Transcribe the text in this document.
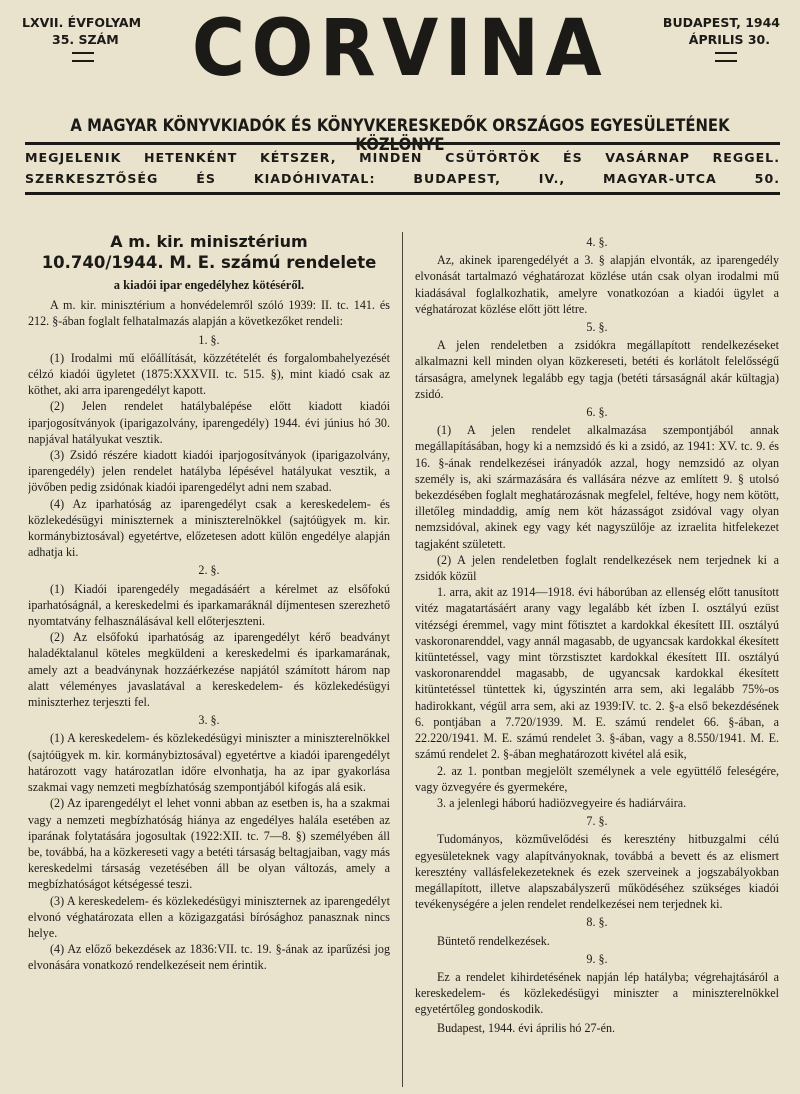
LXVII. ÉVFOLYAM
35. SZÁM CORVINA	BUDAPEST, 1944
ÁPRILIS 30.
A MAGYAR KÖNYVKIADÓK ÉS KÖNYVKERESKEDŐK ORSZÁGOS EGYESÜLETÉNEK KÖZLÖNYE
MEGJELENIK HETENKÉNT KÉTSZER, MINDEN CSÜTÖRTÖK ÉS VASÁRNAP REGGEL.
SZERKESZTŐSÉG ÉS KIADÓHIVATAL: BUDAPEST, IV., MAGYAR-UTCA 50.
A m. kir. minisztérium
10.740/1944. M. E. számú rendelete
a kiadói ipar engedélyhez kötéséről.

A m. kir. minisztérium a honvédelemről szóló 1939: II. tc. 141. és 212. §-ában foglalt felhatalmazás alapján a következőket rendeli:

1. §.

(1) Irodalmi mű előállítását, közzétételét és forgalombahelyezését célzó kiadói ügyletet (1875:XXXVII. tc. 515. §), mint kiadó csak az köthet, aki arra iparengedélyt kapott.

(2) Jelen rendelet hatálybalépése előtt kiadott kiadói iparjogosítványok (iparigazolvány, iparengedély) 1944. évi június hó 30. napjával hatályukat vesztik.

(3) Zsidó részére kiadott kiadói iparjogosítványok (iparigazolvány, iparengedély) jelen rendelet hatályba lépésével hatályukat vesztik, a jövőben pedig zsidónak kiadói iparengedélyt adni nem szabad.

(4) Az iparhatóság az iparengedélyt csak a kereskedelem- és közlekedésügyi miniszternek a miniszterelnökkel (sajtóügyek m. kir. kormánybiztosával) egyetértve, előzetesen adott külön engedélye alapján adhatja ki.

2. §.

(1) Kiadói iparengedély megadásáért a kérelmet az elsőfokú iparhatóságnál, a kereskedelmi és iparkamaráknál díjmentesen szerezhető nyomtatvány felhasználásával kell előterjeszteni.

(2) Az elsőfokú iparhatóság az iparengedélyt kérő beadványt haladéktalanul köteles megküldeni a kereskedelmi és iparkamarának, amely azt a beadványnak hozzáérkezése napjától számított három nap alatt véleményes javaslatával a kereskedelem- és közlekedésügyi miniszterhez terjeszti fel.

3. §.

(1) A kereskedelem- és közlekedésügyi miniszter a miniszterelnökkel (sajtóügyek m. kir. kormánybiztosával) egyetértve a kiadói iparengedélyt határozott vagy határozatlan időre elvonhatja, ha az ipar gyakorlása szakmai vagy nemzeti megbízhatóság szempontjából kifogás alá esik.

(2) Az iparengedélyt el lehet vonni abban az esetben is, ha a szakmai vagy a nemzeti megbízhatóság hiánya az engedélyes halála esetében az iparának folytatására jogosultak (1922:XII. tc. 7—8. §) személyében áll be, továbbá, ha a közkereseti vagy a betéti társaság beltagjaiban, vagy más kereskedelmi társaság vezetésében áll be olyan változás, amely a megbízhatóságot kétségessé teszi.

(3) A kereskedelem- és közlekedésügyi miniszternek az iparengedélyt elvonó véghatározata ellen a közigazgatási bírósághoz panasznak nincs helye.

(4) Az előző bekezdések az 1836:VII. tc. 19. §-ának az iparűzési jog elvonására vonatkozó rendelkezéseit nem érintik.

4. §.

Az, akinek iparengedélyét a 3. § alapján elvonták, az iparengedély elvonását tartalmazó véghatározat közlése után csak olyan irodalmi mű kiadásával foglalkozhatik, amelyre vonatkozóan a kiadói ügylet a véghatározat közlése előtt jött létre.

5. §.

A jelen rendeletben a zsidókra megállapított rendelkezéseket alkalmazni kell minden olyan közkereseti, betéti és korlátolt felelősségű társaságra, amelynek legalább egy tagja (betéti társaságnál akár kültagja) zsidó.

6. §.

(1) A jelen rendelet alkalmazása szempontjából annak megállapításában, hogy ki a nemzsidó és ki a zsidó, az 1941: XV. tc. 9. és 16. §-ának rendelkezései irányadók azzal, hogy nemzsidó az olyan személy is, aki származására és vallására nézve az említett 9. § utolsó bekezdésében foglalt meghatározásnak megfelel, feltéve, hogy nem kötött, illetőleg mindaddig, amíg nem köt házasságot zsidóval vagy olyan nemzsidóval, akinek egy vagy két nagyszülője az izraelita hitfelekezet tagjaként született.

(2) A jelen rendeletben foglalt rendelkezések nem terjednek ki a zsidók közül

1. arra, akit az 1914—1918. évi háborúban az ellenség előtt tanusított vitéz magatartásáért arany vagy legalább két ízben I. osztályú ezüst vitézségi éremmel, vagy mint főtisztet a kardokkal ékesített III. osztályú vaskoronarenddel, vagy annál magasabb, de ugyancsak kardokkal ékesített kitüntetéssel, vagy mint törzstisztet kardokkal ékesített III. osztályú vaskoronarenddel magasabb, de ugyancsak kardokkal ékesített kitüntetéssel tüntettek ki, úgyszintén arra sem, aki legalább 75%-os hadirokkant, végül arra sem, aki az 1939:IV. tc. 2. §-a első bekezdésének 6. pontjában a 7.720/1939. M. E. számú rendelet 66. §-ában, a 22.220/1941. M. E. számú rendelet 3. §-ában, vagy a 8.550/1941. M. E. számú rendelet 2. §-ában meghatározott kivétel alá esik,

2. az 1. pontban megjelölt személynek a vele együttélő feleségére, vagy özvegyére és gyermekére,

3. a jelenlegi háború hadiözvegyeire és hadiárváira.

7. §.

Tudományos, közművelődési és keresztény hitbuzgalmi célú egyesületeknek vagy alapítványoknak, továbbá a bevett és az elismert keresztény vallásfelekezeteknek és ezek szerveinek a jogszabályokban megállapított, illetve alapszabályszerű működéséhez szükséges kiadói tevékenységére a jelen rendelet rendelkezései nem terjednek ki.

8. §.

Büntető rendelkezések.

9. §.

Ez a rendelet kihirdetésének napján lép hatályba; végrehajtásáról a kereskedelem- és közlekedésügyi miniszter a miniszterelnökkel egyetértőleg gondoskodik.

Budapest, 1944. évi április hó 27-én.
